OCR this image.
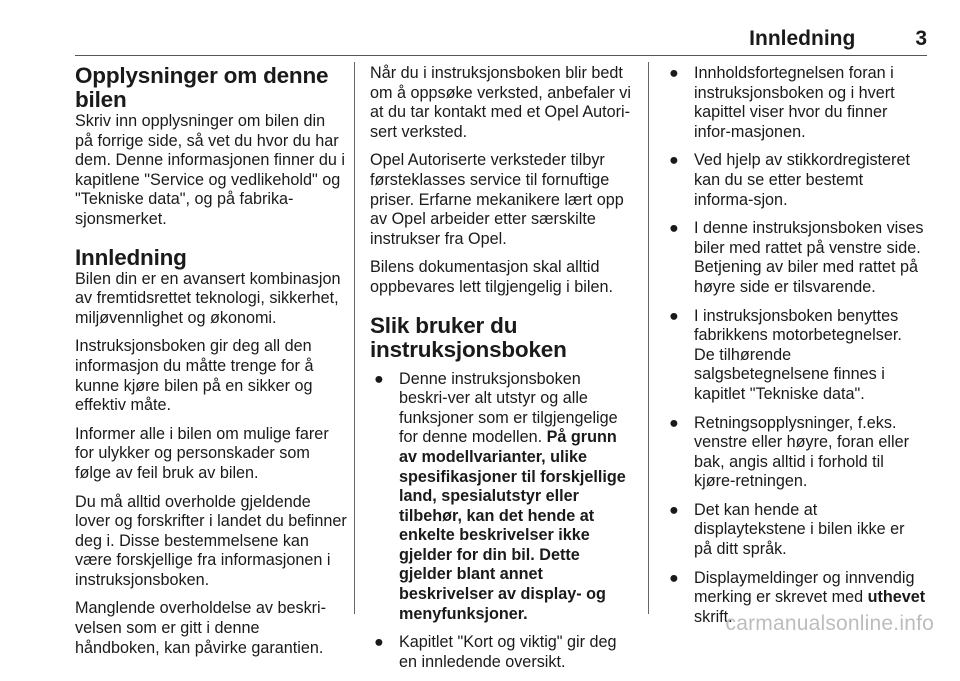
Innledning	3
Opplysninger om denne bilen

Skriv inn opplysninger om bilen din på forrige side, så vet du hvor du har dem. Denne informasjonen finner du i kapitlene "Service og vedlikehold" og "Tekniske data", og på fabrika-sjonsmerket.

Innledning

Bilen din er en avansert kombinasjon av fremtidsrettet teknologi, sikkerhet, miljøvennlighet og økonomi.

Instruksjonsboken gir deg all den informasjon du måtte trenge for å kunne kjøre bilen på en sikker og effektiv måte.

Informer alle i bilen om mulige farer for ulykker og personskader som følge av feil bruk av bilen.

Du må alltid overholde gjeldende lover og forskrifter i landet du befinner deg i. Disse bestemmelsene kan være forskjellige fra informasjonen i instruksjonsboken.

Manglende overholdelse av beskri-velsen som er gitt i denne håndboken, kan påvirke garantien.

Når du i instruksjonsboken blir bedt om å oppsøke verksted, anbefaler vi at du tar kontakt med et Opel Autori-sert verksted.

Opel Autoriserte verksteder tilbyr førsteklasses service til fornuftige priser. Erfarne mekanikere lært opp av Opel arbeider etter særskilte instrukser fra Opel.

Bilens dokumentasjon skal alltid oppbevares lett tilgjengelig i bilen.

Slik bruker du instruksjonsboken
● Denne instruksjonsboken beskri-ver alt utstyr og alle funksjoner som er tilgjengelige for denne modellen. På grunn av modellvarianter, ulike spesifikasjoner til forskjellige land, spesialutstyr eller tilbehør, kan det hende at enkelte beskrivelser ikke gjelder for din bil. Dette gjelder blant annet beskrivelser av display- og menyfunksjoner.
● Kapitlet "Kort og viktig" gir deg en innledende oversikt.
● Innholdsfortegnelsen foran i instruksjonsboken og i hvert kapittel viser hvor du finner infor-masjonen.
● Ved hjelp av stikkordregisteret kan du se etter bestemt informa-sjon.
● I denne instruksjonsboken vises biler med rattet på venstre side. Betjening av biler med rattet på høyre side er tilsvarende.
● I instruksjonsboken benyttes fabrikkens motorbetegnelser. De tilhørende salgsbetegnelsene finnes i kapitlet "Tekniske data".
● Retningsopplysninger, f.eks. venstre eller høyre, foran eller bak, angis alltid i forhold til kjøre-retningen.
● Det kan hende at displaytekstene i bilen ikke er på ditt språk.
● Displaymeldinger og innvendig merking er skrevet med uthevet skrift.
carmanualsonline.info
